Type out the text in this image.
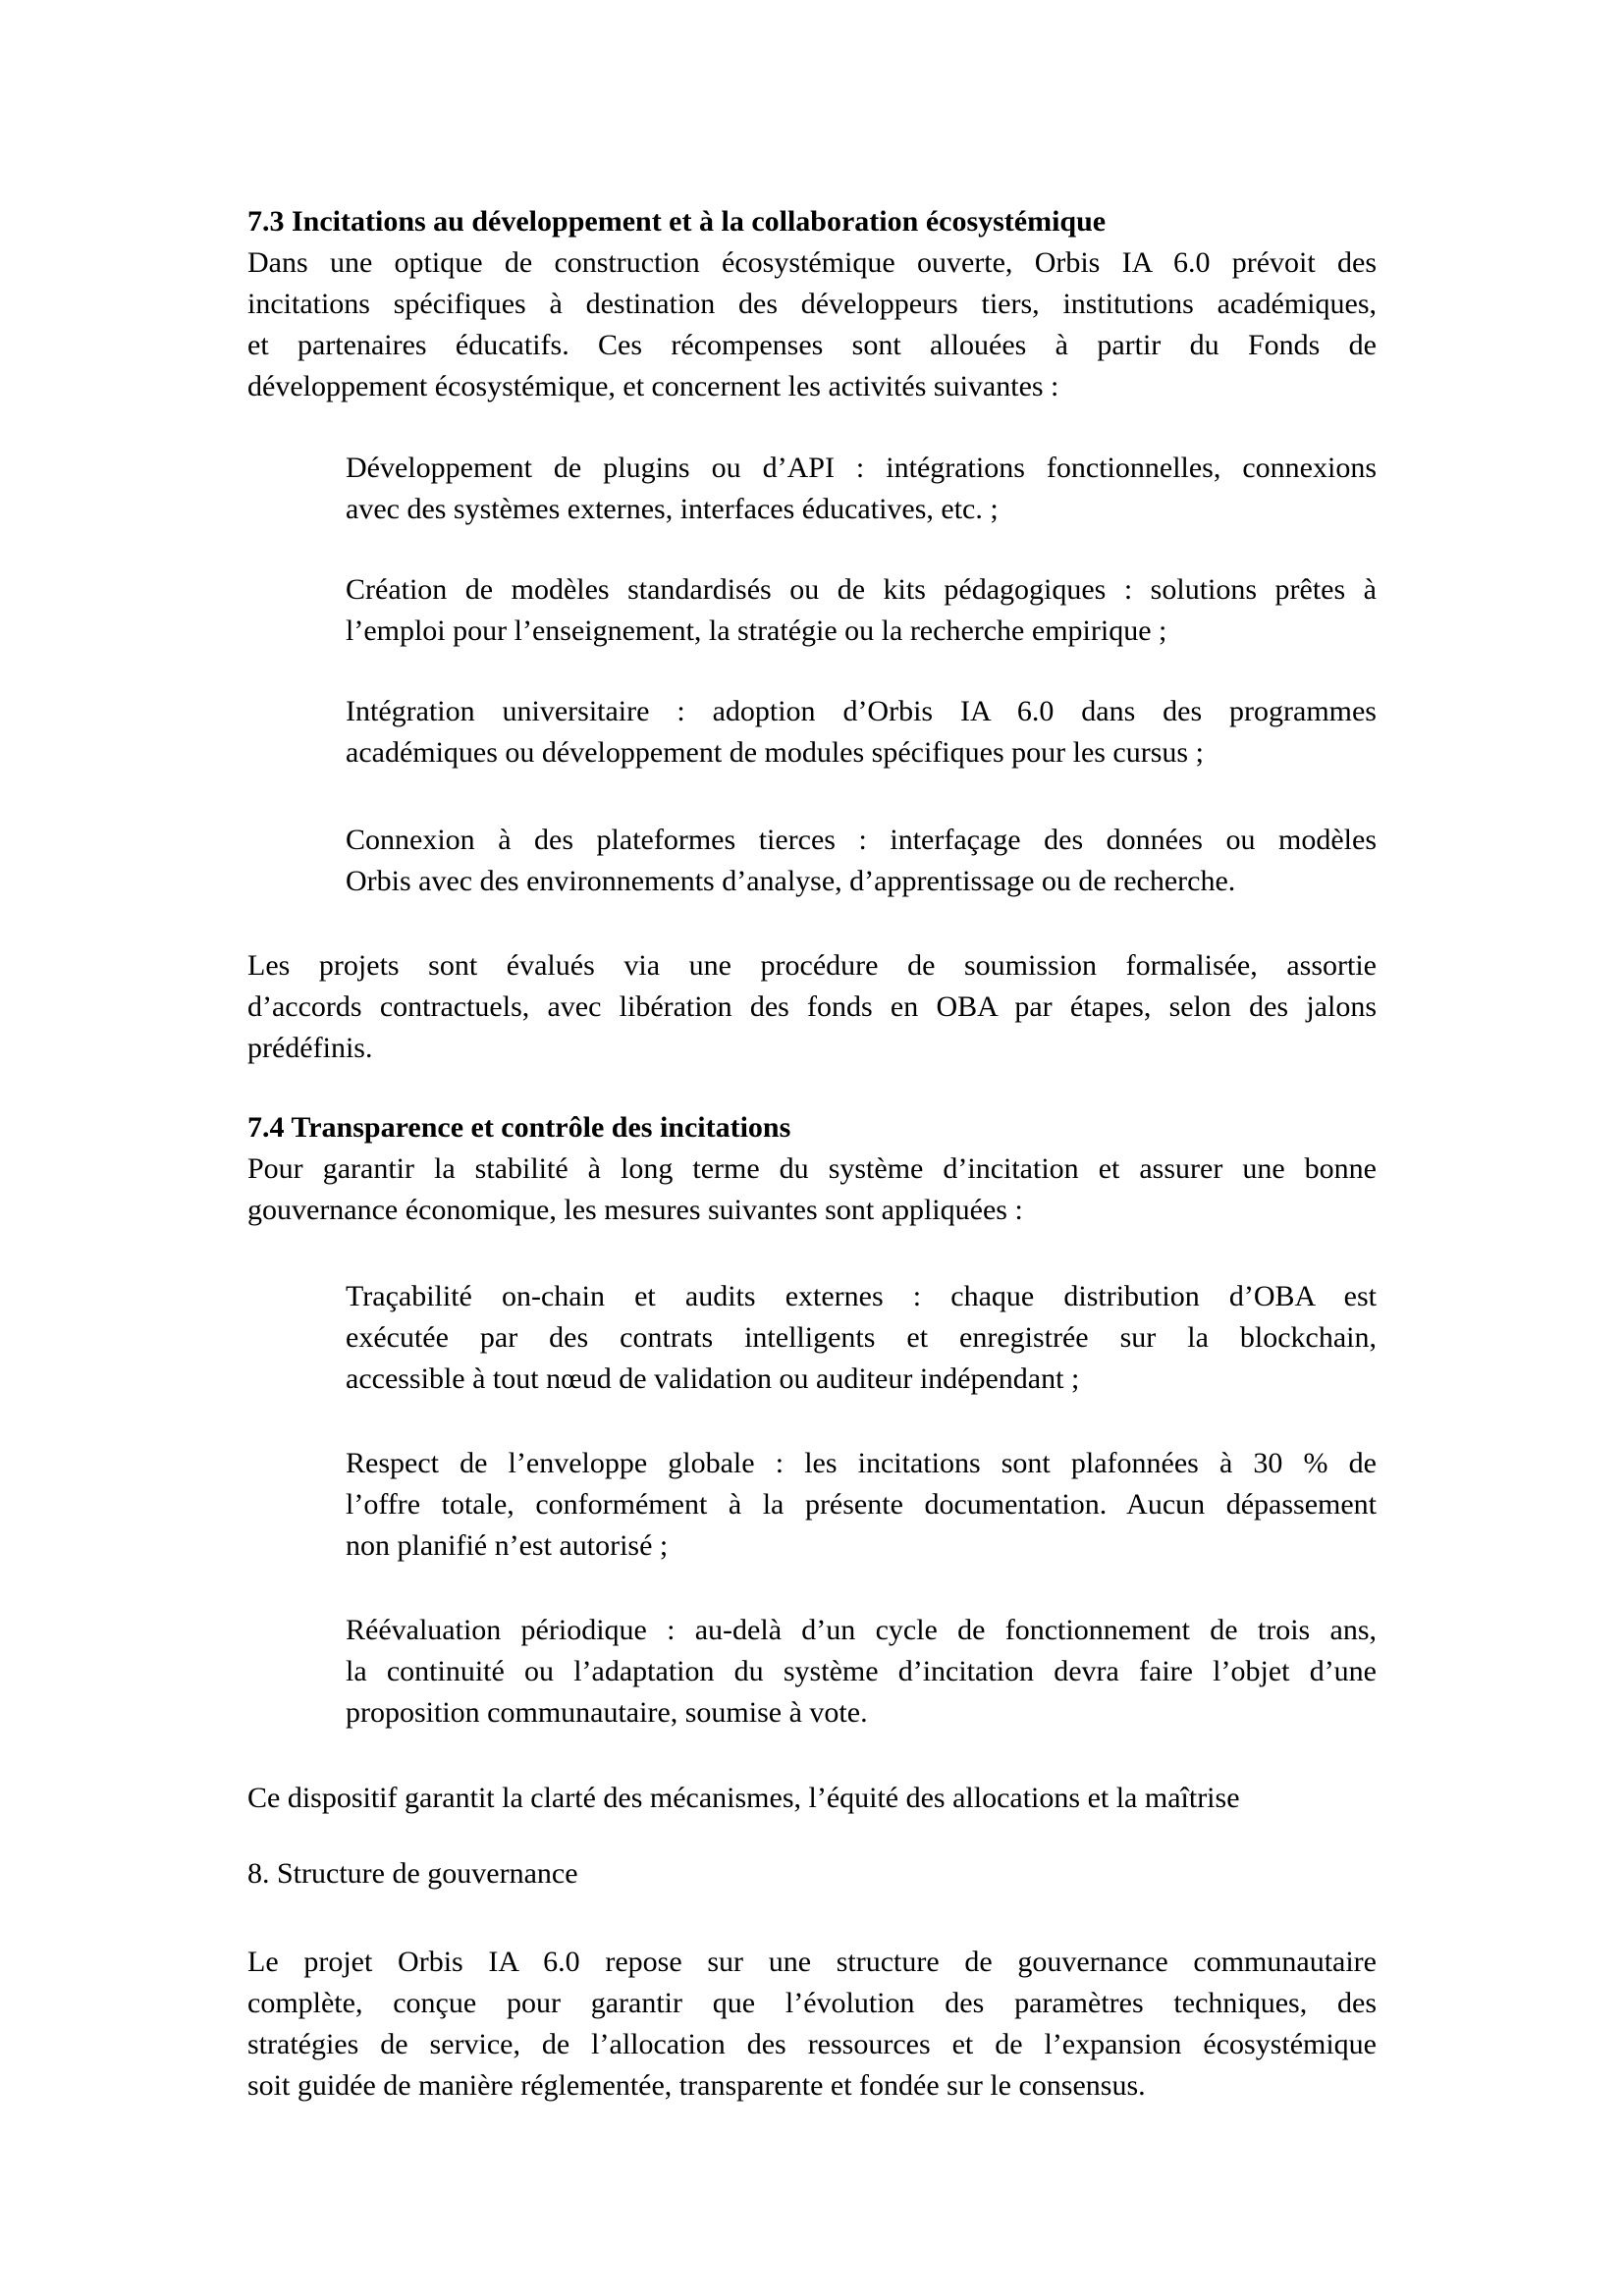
7.3 Incitations au développement et à la collaboration écosystémique
Dans une optique de construction écosystémique ouverte, Orbis IA 6.0 prévoit des
incitations spécifiques à destination des développeurs tiers, institutions académiques,
et partenaires éducatifs. Ces récompenses sont allouées à partir du Fonds de
développement écosystémique, et concernent les activités suivantes :
Développement de plugins ou d’API : intégrations fonctionnelles, connexions
avec des systèmes externes, interfaces éducatives, etc. ;
Création de modèles standardisés ou de kits pédagogiques : solutions prêtes à
l’emploi pour l’enseignement, la stratégie ou la recherche empirique ;
Intégration universitaire : adoption d’Orbis IA 6.0 dans des programmes
académiques ou développement de modules spécifiques pour les cursus ;
Connexion à des plateformes tierces : interfaçage des données ou modèles
Orbis avec des environnements d’analyse, d’apprentissage ou de recherche.
Les projets sont évalués via une procédure de soumission formalisée, assortie
d’accords contractuels, avec libération des fonds en OBA par étapes, selon des jalons
prédéfinis.
7.4 Transparence et contrôle des incitations
Pour garantir la stabilité à long terme du système d’incitation et assurer une bonne
gouvernance économique, les mesures suivantes sont appliquées :
Traçabilité on-chain et audits externes : chaque distribution d’OBA est
exécutée par des contrats intelligents et enregistrée sur la blockchain,
accessible à tout nœud de validation ou auditeur indépendant ;
Respect de l’enveloppe globale : les incitations sont plafonnées à 30 % de
l’offre totale, conformément à la présente documentation. Aucun dépassement
non planifié n’est autorisé ;
Réévaluation périodique : au-delà d’un cycle de fonctionnement de trois ans,
la continuité ou l’adaptation du système d’incitation devra faire l’objet d’une
proposition communautaire, soumise à vote.
Ce dispositif garantit la clarté des mécanismes, l’équité des allocations et la maîtrise
8. Structure de gouvernance
Le projet Orbis IA 6.0 repose sur une structure de gouvernance communautaire
complète, conçue pour garantir que l’évolution des paramètres techniques, des
stratégies de service, de l’allocation des ressources et de l’expansion écosystémique
soit guidée de manière réglementée, transparente et fondée sur le consensus.
